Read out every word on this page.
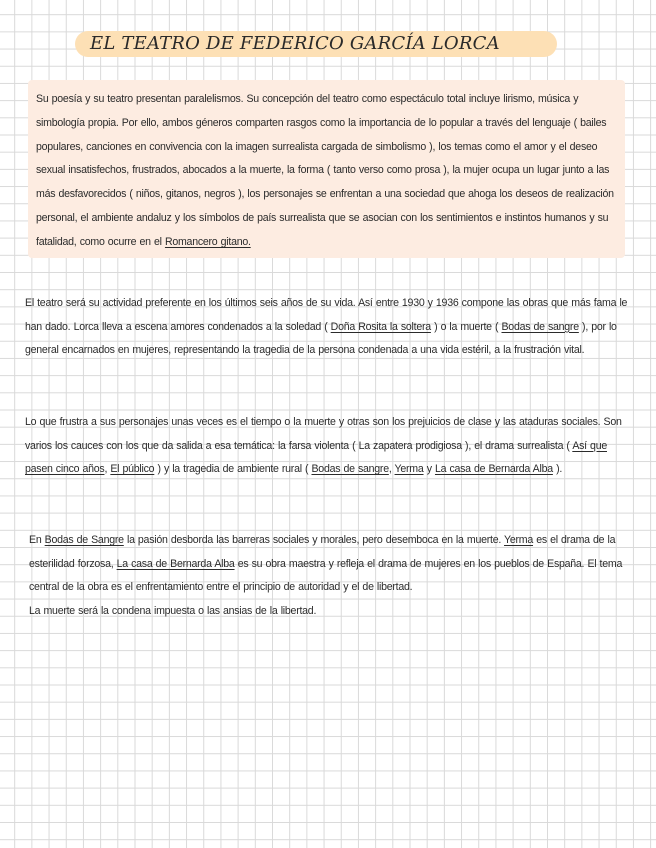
EL TEATRO DE FEDERICO GARCÍA LORCA

Su poesía y su teatro presentan paralelismos. Su concepción del teatro como espectáculo total incluye lirismo, música y simbología propia. Por ello, ambos géneros comparten rasgos como la importancia de lo popular a través del lenguaje ( bailes populares, canciones en convivencia con la imagen surrealista cargada de simbolismo ), los temas como el amor y el deseo sexual insatisfechos, frustrados, abocados a la muerte, la forma ( tanto verso como prosa ), la mujer ocupa un lugar junto a las más desfavorecidos ( niños, gitanos, negros ), los personajes se enfrentan a una sociedad que ahoga los deseos de realización personal, el ambiente andaluz y los símbolos de país surrealista que se asocian con los sentimientos e instintos humanos y su fatalidad, como ocurre en el Romancero gitano.

El teatro será su actividad preferente en los últimos seis años de su vida. Así entre 1930 y 1936 compone las obras que más fama le han dado. Lorca lleva a escena amores condenados a la soledad ( Doña Rosita la soltera ) o la muerte ( Bodas de sangre ), por lo general encarnados en mujeres, representando la tragedia de la persona condenada a una vida estéril, a la frustración vital.

Lo que frustra a sus personajes unas veces es el tiempo o la muerte y otras son los prejuicios de clase y las ataduras sociales. Son varios los cauces con los que da salida a esa temática: la farsa violenta ( La zapatera prodigiosa ), el drama surrealista ( Así que pasen cinco años, El público ) y la tragedia de ambiente rural ( Bodas de sangre, Yerma y La casa de Bernarda Alba ).

En Bodas de Sangre la pasión desborda las barreras sociales y morales, pero desemboca en la muerte. Yerma es el drama de la esterilidad forzosa, La casa de Bernarda Alba es su obra maestra y refleja el drama de mujeres en los pueblos de España. El tema central de la obra es el enfrentamiento entre el principio de autoridad y el de libertad.
La muerte será la condena impuesta o las ansias de la libertad.
